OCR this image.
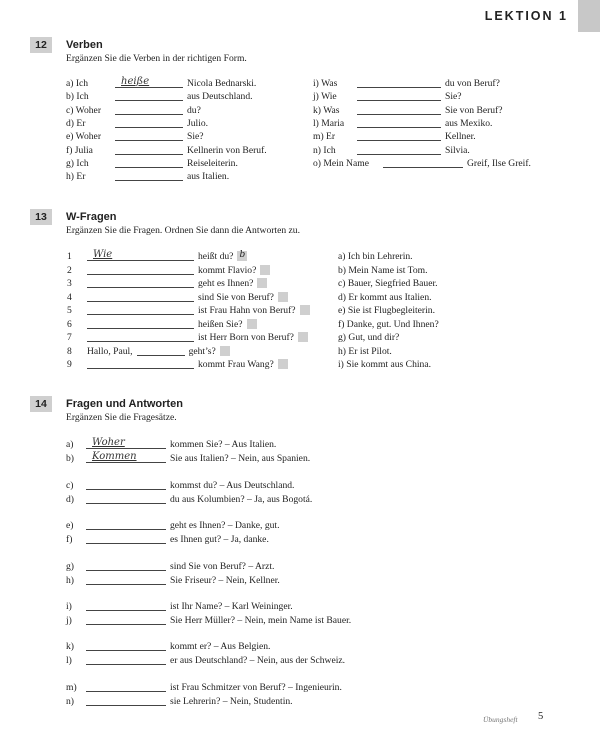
LEKTION 1
12	Verben
Ergänzen Sie die Verben in der richtigen Form.
a) Ich	heiße	Nicola Bednarski.
b) Ich	aus Deutschland.
c) Woher	du?
d) Er	Julio.
e) Woher	Sie?
f) Julia	Kellnerin von Beruf.
g) Ich	Reiseleiterin.
h) Er	aus Italien.
i) Was	du von Beruf?
j) Wie	Sie?
k) Was	Sie von Beruf?
l) Maria	aus Mexiko.
m) Er	Kellner.
n) Ich	Silvia.
o) Mein Name	Greif, Ilse Greif.
13	W-Fragen
Ergänzen Sie die Fragen. Ordnen Sie dann die Antworten zu.
1	Wie	heißt du? b
2	kommt Flavio?
3	geht es Ihnen?
4	sind Sie von Beruf?
5	ist Frau Hahn von Beruf?
6	heißen Sie?
7	ist Herr Born von Beruf?
8	Hallo, Paul,	geht’s?
9	kommt Frau Wang?
a) Ich bin Lehrerin.
b) Mein Name ist Tom.
c) Bauer, Siegfried Bauer.
d) Er kommt aus Italien.
e) Sie ist Flugbegleiterin.
f) Danke, gut. Und Ihnen?
g) Gut, und dir?
h) Er ist Pilot.
i) Sie kommt aus China.
14	Fragen und Antworten
Ergänzen Sie die Fragesätze.
a)	Woher	kommen Sie? – Aus Italien.
b)	Kommen	Sie aus Italien? – Nein, aus Spanien.
c)	kommst du? – Aus Deutschland.
d)	du aus Kolumbien? – Ja, aus Bogotá.
e)	geht es Ihnen? – Danke, gut.
f)	es Ihnen gut? – Ja, danke.
g)	sind Sie von Beruf? – Arzt.
h)	Sie Friseur? – Nein, Kellner.
i)	ist Ihr Name? – Karl Weininger.
j)	Sie Herr Müller? – Nein, mein Name ist Bauer.
k)	kommt er? – Aus Belgien.
l)	er aus Deutschland? – Nein, aus der Schweiz.
m)	ist Frau Schmitzer von Beruf? – Ingenieurin.
n)	sie Lehrerin? – Nein, Studentin.
Übungsheft 5
